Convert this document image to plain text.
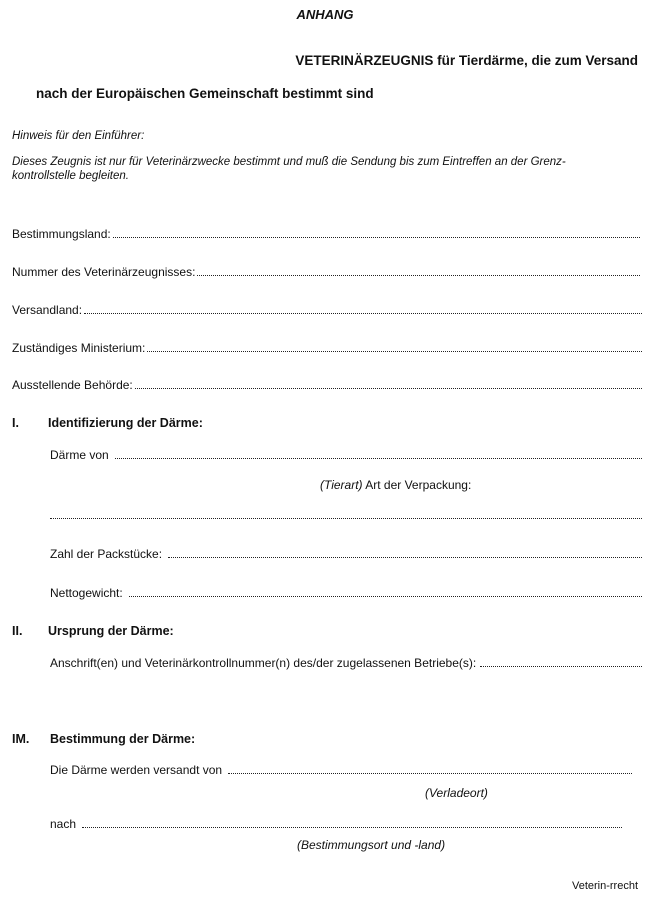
ANHANG
VETERINÄRZEUGNIS für Tierdärme, die zum Versand
nach der Europäischen Gemeinschaft bestimmt sind
Hinweis für den Einführer:
Dieses Zeugnis ist nur für Veterinärzwecke bestimmt und muß die Sendung bis zum Eintreffen an der Grenz-
kontrollstelle begleiten.
Bestimmungsland:
Nummer des Veterinärzeugnisses:
Versandland:
Zuständiges Ministerium:
Ausstellende Behörde:
I. Identifizierung der Därme:
Därme von
(Tierart) Art der Verpackung:
Zahl der Packstücke:
Nettogewicht:
II. Ursprung der Därme:
Anschrift(en) und Veterinärkontrollnummer(n) des/der zugelassenen Betriebe(s):
IM. Bestimmung der Därme:
Die Därme werden versandt von
(Verladeort)
nach
(Bestimmungsort und -land)
Veterin-rrecht
